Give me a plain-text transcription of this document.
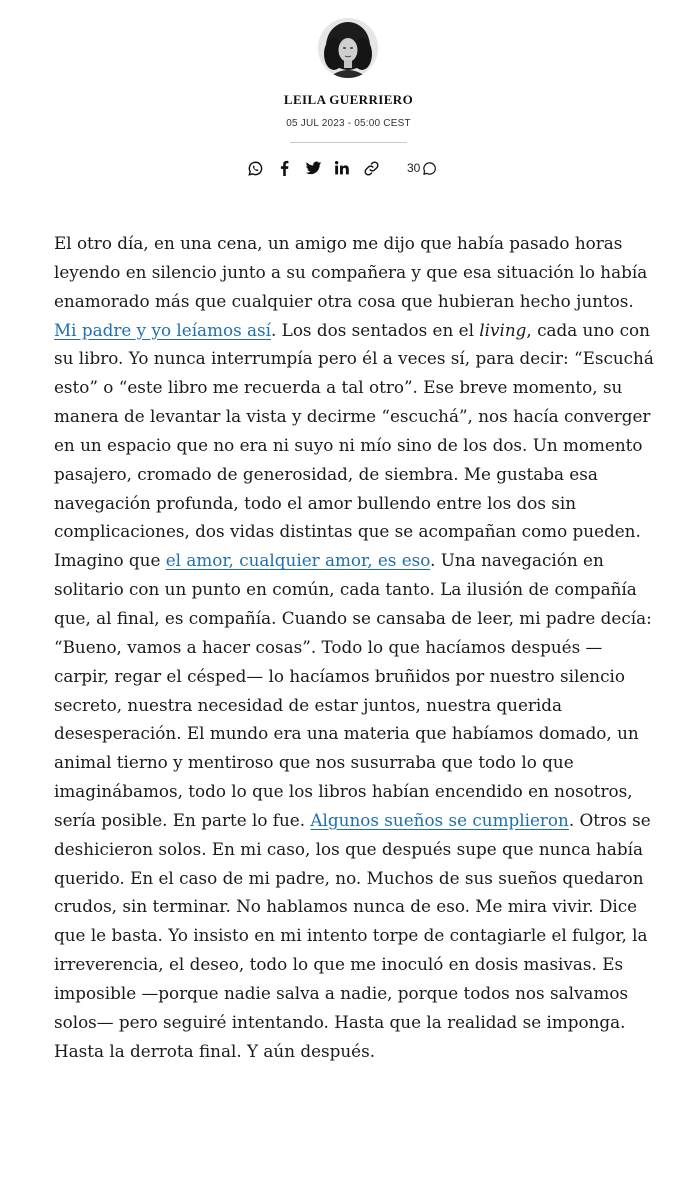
LEILA GUERRIERO
05 JUL 2023 - 05:00 CEST
30

El otro día, en una cena, un amigo me dijo que había pasado horas leyendo en silencio junto a su compañera y que esa situación lo había enamorado más que cualquier otra cosa que hubieran hecho juntos. Mi padre y yo leíamos así. Los dos sentados en el living, cada uno con su libro. Yo nunca interrumpía pero él a veces sí, para decir: “Escuchá esto” o “este libro me recuerda a tal otro”. Ese breve momento, su manera de levantar la vista y decirme “escuchá”, nos hacía converger en un espacio que no era ni suyo ni mío sino de los dos. Un momento pasajero, cromado de generosidad, de siembra. Me gustaba esa navegación profunda, todo el amor bullendo entre los dos sin complicaciones, dos vidas distintas que se acompañan como pueden. Imagino que el amor, cualquier amor, es eso. Una navegación en solitario con un punto en común, cada tanto. La ilusión de compañía que, al final, es compañía. Cuando se cansaba de leer, mi padre decía: “Bueno, vamos a hacer cosas”. Todo lo que hacíamos después —carpir, regar el césped— lo hacíamos bruñidos por nuestro silencio secreto, nuestra necesidad de estar juntos, nuestra querida desesperación. El mundo era una materia que habíamos domado, un animal tierno y mentiroso que nos susurraba que todo lo que imaginábamos, todo lo que los libros habían encendido en nosotros, sería posible. En parte lo fue. Algunos sueños se cumplieron. Otros se deshicieron solos. En mi caso, los que después supe que nunca había querido. En el caso de mi padre, no. Muchos de sus sueños quedaron crudos, sin terminar. No hablamos nunca de eso. Me mira vivir. Dice que le basta. Yo insisto en mi intento torpe de contagiarle el fulgor, la irreverencia, el deseo, todo lo que me inoculó en dosis masivas. Es imposible —porque nadie salva a nadie, porque todos nos salvamos solos— pero seguiré intentando. Hasta que la realidad se imponga. Hasta la derrota final. Y aún después.
